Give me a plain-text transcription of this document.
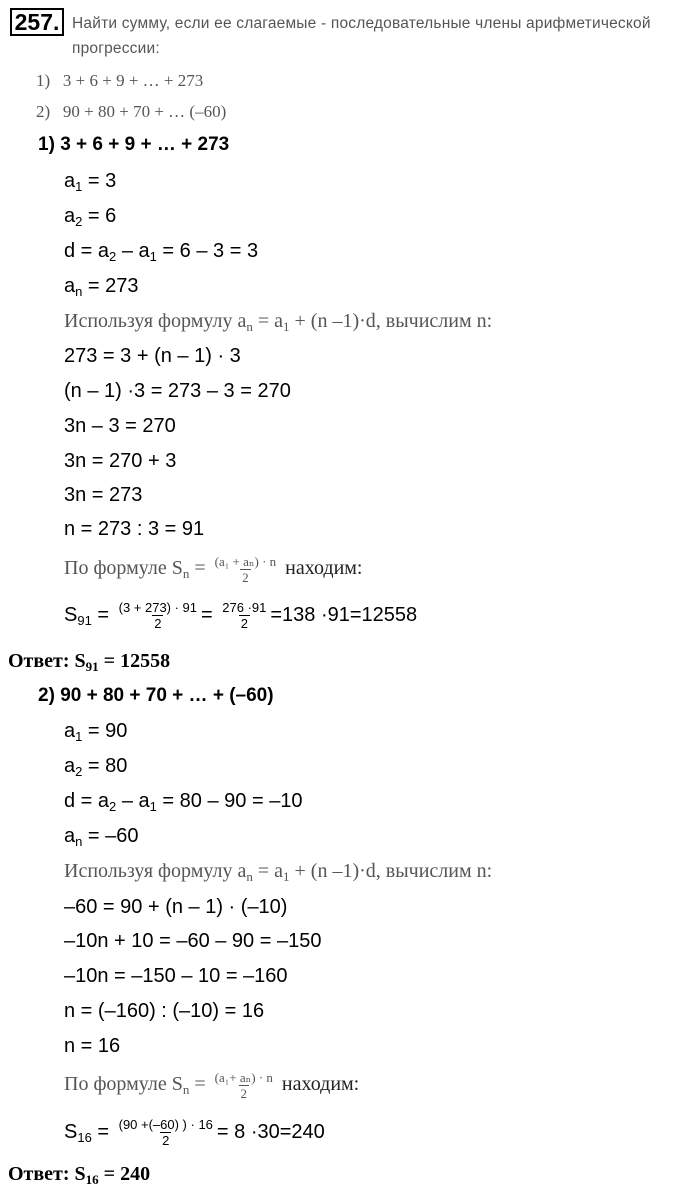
257. Найти сумму, если ее слагаемые - последовательные члены арифметической
прогрессии:
1) 3 + 6 + 9 + … + 273
2) 90 + 80 + 70 + … (–60)
1) 3 + 6 + 9 + … + 273
$a_1 = 3$
$a_2 = 6$
$d = a_2 - a_1 = 6 - 3 = 3$
$a_n = 273$
Используя формулу $a_n = a_1 + (n$ –1)·d, вычислим n:
273 = 3 + (n – 1) · 3
(n – 1) ·3 = 273 – 3 = 270
3n – 3 = 270
3n = 270 + 3
3n = 273
n = 273 : 3 = 91
По формуле $S_n = \frac{\text{(a₁ + aₙ) · n}}{2}$ находим:
$S_{91} = \frac{(3 + 273) \cdot 91}{2} = \frac{276 \cdot 91}{2} =138 \cdot 91=12558$
Ответ: $S_{91} = 12558$
2) 90 + 80 + 70 + … + (–60)
$a_1 = 90$
$a_2 = 80$
$d = a_2 - a_1 = 80 - 90 = -10$
$a_n = -60$
Используя формулу $a_n = a_1 + (n$ –1)·d, вычислим n:
–60 = 90 + (n – 1) · (–10)
–10n + 10 = –60 – 90 = –150
–10n = –150 – 10 = –160
n = (–160) : (–10) = 16
n = 16
По формуле $S_n = \frac{\text{(a₁+ aₙ) · n}}{2}$ находим:
$S_{16} = \frac{(90 +(-60) ) \cdot 16}{2} = 8 \cdot 30=240$
Ответ: $S_{16} = 240$
